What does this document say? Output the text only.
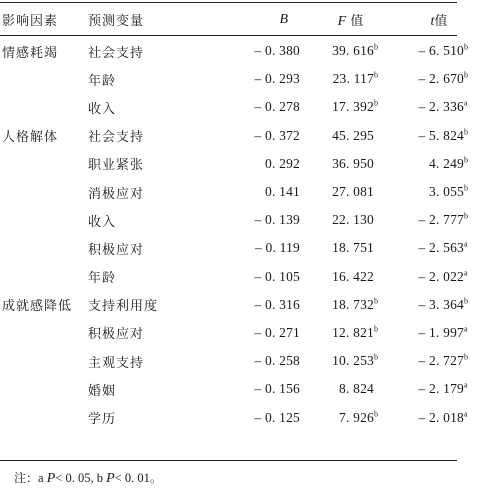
影响因素	预测变量	B	F 值	t值
情感耗竭	社会支持	– 0. 380	39. 616$^b$	– 6. 510$^b$
	年龄	– 0. 293	23. 117$^b$	– 2. 670$^b$
	收入	– 0. 278	17. 392$^b$	– 2. 336$^a$
人格解体	社会支持	– 0. 372	45. 295	– 5. 824$^b$
	职业紧张	0. 292	36. 950	4. 249$^b$
	消极应对	0. 141	27. 081	3. 055$^b$
	收入	– 0. 139	22. 130	– 2. 777$^b$
	积极应对	– 0. 119	18. 751	– 2. 563$^a$
	年龄	– 0. 105	16. 422	– 2. 022$^a$
成就感降低	支持利用度	– 0. 316	18. 732$^b$	– 3. 364$^b$
	积极应对	– 0. 271	12. 821$^b$	– 1. 997$^a$
	主观支持	– 0. 258	10. 253$^b$	– 2. 727$^b$
	婚姻	– 0. 156	8. 824	– 2. 179$^a$
	学历	– 0. 125	7. 926$^b$	– 2. 018$^a$
注：a P< 0. 05, b P< 0. 01。
